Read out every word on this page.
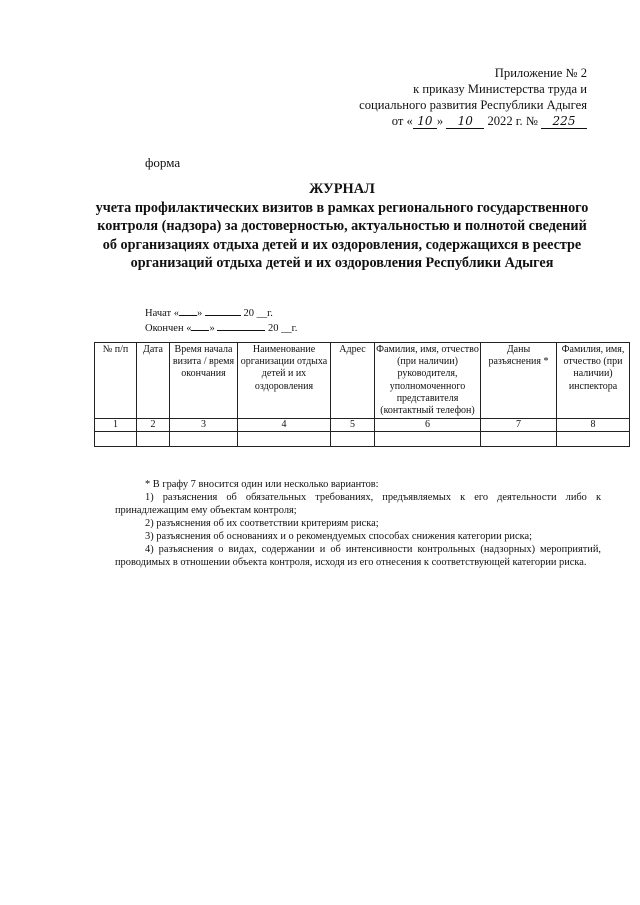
Приложение № 2
к приказу Министерства труда и
социального развития Республики Адыгея
от « 10 » 10 2022 г. № 225
форма
ЖУРНАЛ
учета профилактических визитов в рамках регионального государственного контроля (надзора) за достоверностью, актуальностью и полнотой сведений об организациях отдыха детей и их оздоровления, содержащихся в реестре организаций отдыха детей и их оздоровления Республики Адыгея
Начат « »	20 __г.
Окончен « »	20 __г.
№ п/п	Дата	Время начала визита / время окончания	Наименование организации отдыха детей и их оздоровления	Адрес	Фамилия, имя, отчество (при наличии) руководителя, уполномоченного представителя (контактный телефон)	Даны разъяснения *	Фамилия, имя, отчество (при наличии) инспектора
1	2	3	4	5	6	7	8

* В графу 7 вносится один или несколько вариантов:

1) разъяснения об обязательных требованиях, предъявляемых к его деятельности либо к принадлежащим ему объектам контроля;

2) разъяснения об их соответствии критериям риска;

3) разъяснения об основаниях и о рекомендуемых способах снижения категории риска;

4) разъяснения о видах, содержании и об интенсивности контрольных (надзорных) мероприятий, проводимых в отношении объекта контроля, исходя из его отнесения к соответствующей категории риска.
